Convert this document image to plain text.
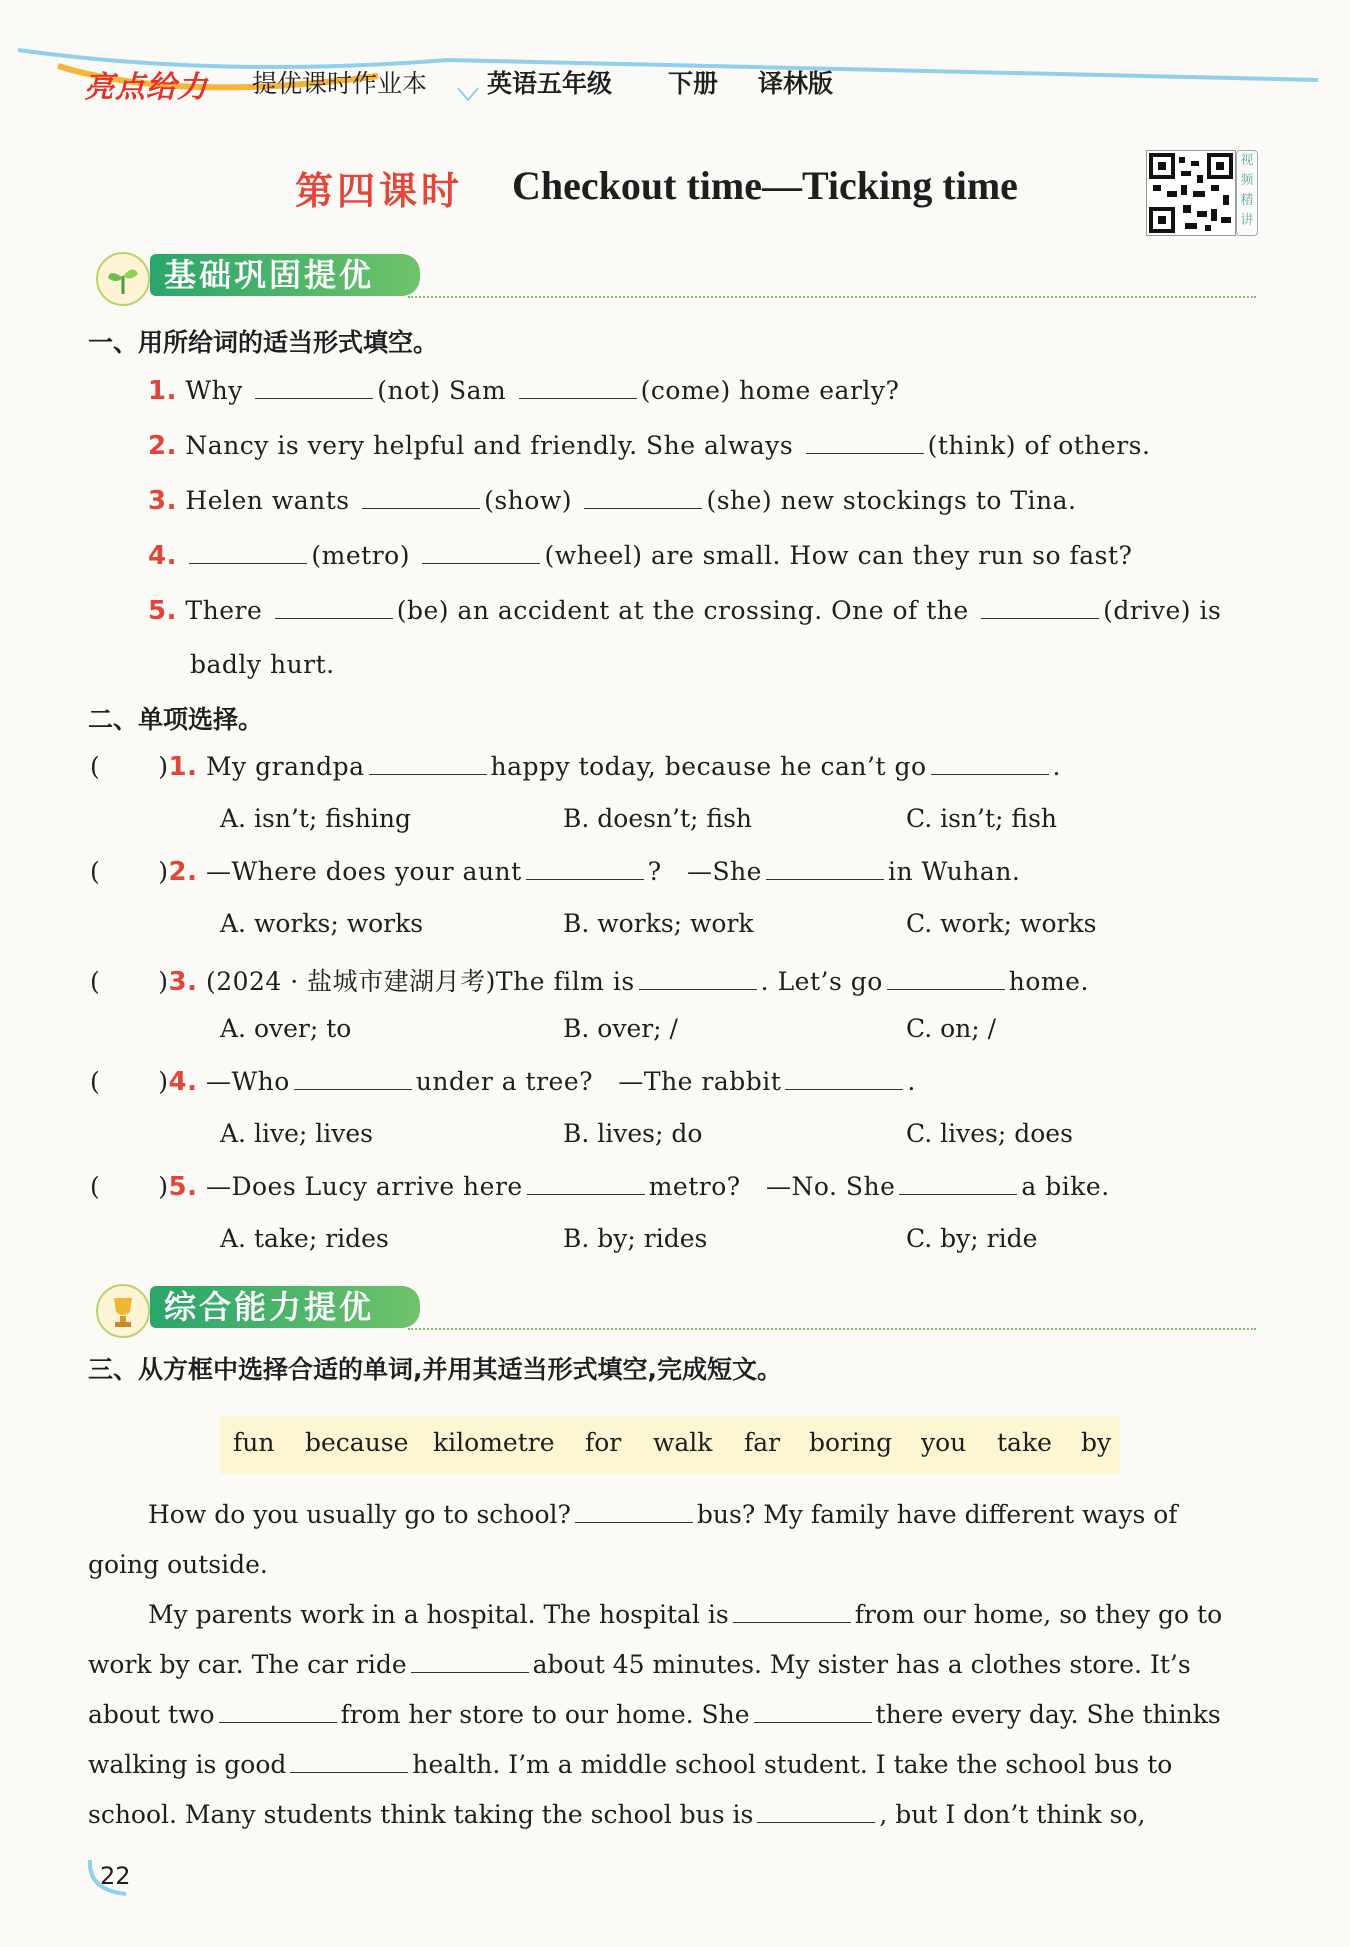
亮点给力 提优课时作业本 英语五年级 下册 译林版
第四课时 Checkout time—Ticking time
视频精讲
基础巩固提优
一、用所给词的适当形式填空。
1. Why	(not) Sam	(come) home early?
2. Nancy is very helpful and friendly. She always	(think) of others.
3. Helen wants	(show)	(she) new stockings to Tina.
4.	(metro)	(wheel) are small. How can they run so fast?
5. There	(be) an accident at the crossing. One of the	(drive) is
badly hurt.
二、单项选择。
( )1. My grandpa	happy today, because he can’t go	.
A. isn’t; fishing	B. doesn’t; fish	C. isn’t; fish
( )2. —Where does your aunt	? —She	in Wuhan.
A. works; works	B. works; work	C. work; works
( )3. (2024 · 盐城市建湖月考)The film is	. Let’s go	home.
A. over; to	B. over; /	C. on; /
( )4. —Who	under a tree? —The rabbit	.
A. live; lives	B. lives; do	C. lives; does
( )5. —Does Lucy arrive here	metro? —No. She	a bike.
A. take; rides	B. by; rides	C. by; ride
综合能力提优
三、从方框中选择合适的单词,并用其适当形式填空,完成短文。
fun because kilometre for walk far boring you take by
How do you usually go to school?	bus? My family have different ways of
going outside.
My parents work in a hospital. The hospital is	from our home, so they go to
work by car. The car ride	about 45 minutes. My sister has a clothes store. It’s
about two	from her store to our home. She	there every day. She thinks
walking is good	health. I’m a middle school student. I take the school bus to
school. Many students think taking the school bus is	, but I don’t think so,
22
